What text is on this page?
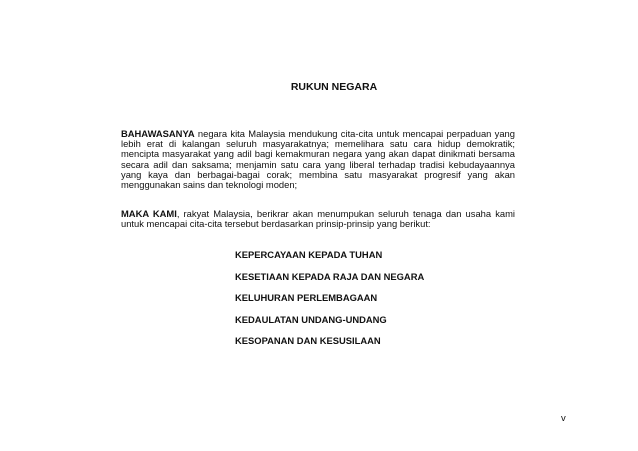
RUKUN NEGARA
BAHAWASANYA negara kita Malaysia mendukung cita-cita untuk mencapai perpaduan yang lebih erat di kalangan seluruh masyarakatnya; memelihara satu cara hidup demokratik; mencipta masyarakat yang adil bagi kemakmuran negara yang akan dapat dinikmati bersama secara adil dan saksama; menjamin satu cara yang liberal terhadap tradisi kebudayaannya yang kaya dan berbagai-bagai corak; membina satu masyarakat progresif yang akan menggunakan sains dan teknologi moden;
MAKA KAMI, rakyat Malaysia, berikrar akan menumpukan seluruh tenaga dan usaha kami untuk mencapai cita-cita tersebut berdasarkan prinsip-prinsip yang berikut:
KEPERCAYAAN KEPADA TUHAN
KESETIAAN KEPADA RAJA DAN NEGARA
KELUHURAN PERLEMBAGAAN
KEDAULATAN UNDANG-UNDANG
KESOPANAN DAN KESUSILAAN
v
